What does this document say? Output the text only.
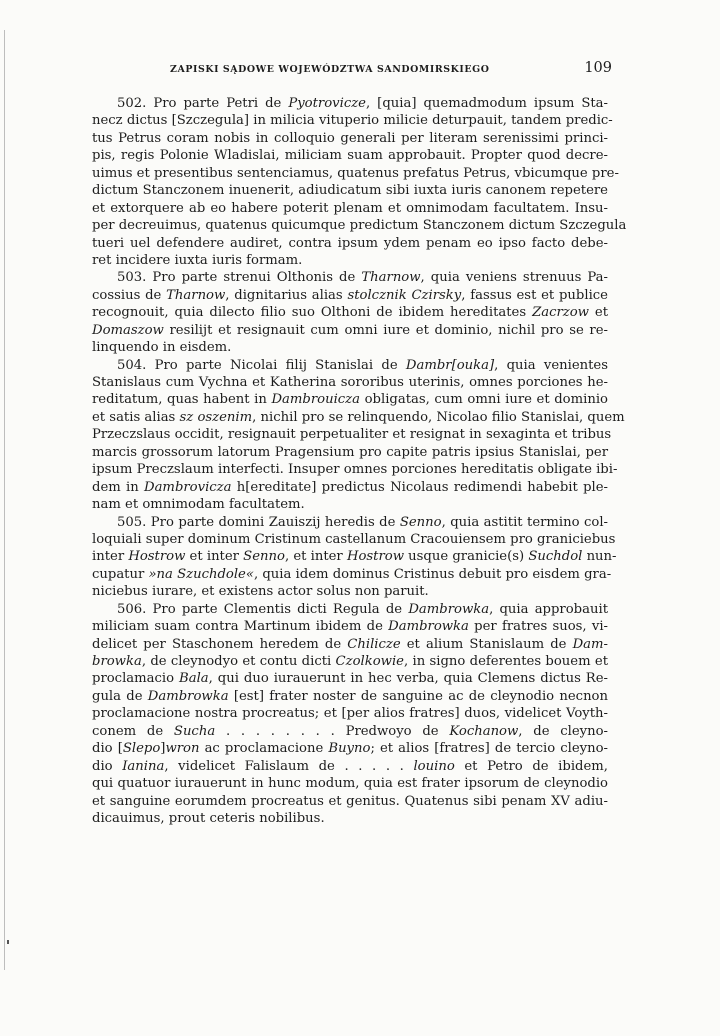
ZAPISKI SĄDOWE WOJEWÓDZTWA SANDOMIRSKIEGO	109
502. Pro parte Petri de Pyotrovicze, [quia] quemadmodum ipsum Sta-
necz dictus [Szczegula] in milicia vituperio milicie deturpauit, tandem predic-
tus Petrus coram nobis in colloquio generali per literam serenissimi princi-
pis, regis Polonie Wladislai, miliciam suam approbauit. Propter quod decre-
uimus et presentibus sentenciamus, quatenus prefatus Petrus, vbicumque pre-
dictum Stanczonem inuenerit, adiudicatum sibi iuxta iuris canonem repetere
et extorquere ab eo habere poterit plenam et omnimodam facultatem. Insu-
per decreuimus, quatenus quicumque predictum Stanczonem dictum Szczegula
tueri uel defendere audiret, contra ipsum ydem penam eo ipso facto debe-
ret incidere iuxta iuris formam.
503. Pro parte strenui Olthonis de Tharnow, quia veniens strenuus Pa-
cossius de Tharnow, dignitarius alias stolcznik Czirsky, fassus est et publice
recognouit, quia dilecto filio suo Olthoni de ibidem hereditates Zacrzow et
Domaszow resilijt et resignauit cum omni iure et dominio, nichil pro se re-
linquendo in eisdem.
504. Pro parte Nicolai filij Stanislai de Dambr[ouka], quia venientes
Stanislaus cum Vychna et Katherina sororibus uterinis, omnes porciones he-
reditatum, quas habent in Dambrouicza obligatas, cum omni iure et dominio
et satis alias sz oszenim, nichil pro se relinquendo, Nicolao filio Stanislai, quem
Przeczslaus occidit, resignauit perpetualiter et resignat in sexaginta et tribus
marcis grossorum latorum Pragensium pro capite patris ipsius Stanislai, per
ipsum Preczslaum interfecti. Insuper omnes porciones hereditatis obligate ibi-
dem in Dambrovicza h[ereditate] predictus Nicolaus redimendi habebit ple-
nam et omnimodam facultatem.
505. Pro parte domini Zauiszij heredis de Senno, quia astitit termino col-
loquiali super dominum Cristinum castellanum Cracouiensem pro graniciebus
inter Hostrow et inter Senno, et inter Hostrow usque granicie(s) Suchdol nun-
cupatur »na Szuchdole«, quia idem dominus Cristinus debuit pro eisdem gra-
niciebus iurare, et existens actor solus non paruit.
506. Pro parte Clementis dicti Regula de Dambrowka, quia approbauit
miliciam suam contra Martinum ibidem de Dambrowka per fratres suos, vi-
delicet per Staschonem heredem de Chilicze et alium Stanislaum de Dam-
browka, de cleynodyo et contu dicti Czolkowie, in signo deferentes bouem et
proclamacio Bala, qui duo iurauerunt in hec verba, quia Clemens dictus Re-
gula de Dambrowka [est] frater noster de sanguine ac de cleynodio necnon
proclamacione nostra procreatus; et [per alios fratres] duos, videlicet Voyth-
conem de Sucha . . . . . . . . Predwoyo de Kochanow, de cleyno-
dio [Slepo]wron ac proclamacione Buyno; et alios [fratres] de tercio cleyno-
dio Ianina, videlicet Falislaum de . . . . . louino et Petro de ibidem,
qui quatuor iurauerunt in hunc modum, quia est frater ipsorum de cleynodio
et sanguine eorumdem procreatus et genitus. Quatenus sibi penam XV adiu-
dicauimus, prout ceteris nobilibus.
